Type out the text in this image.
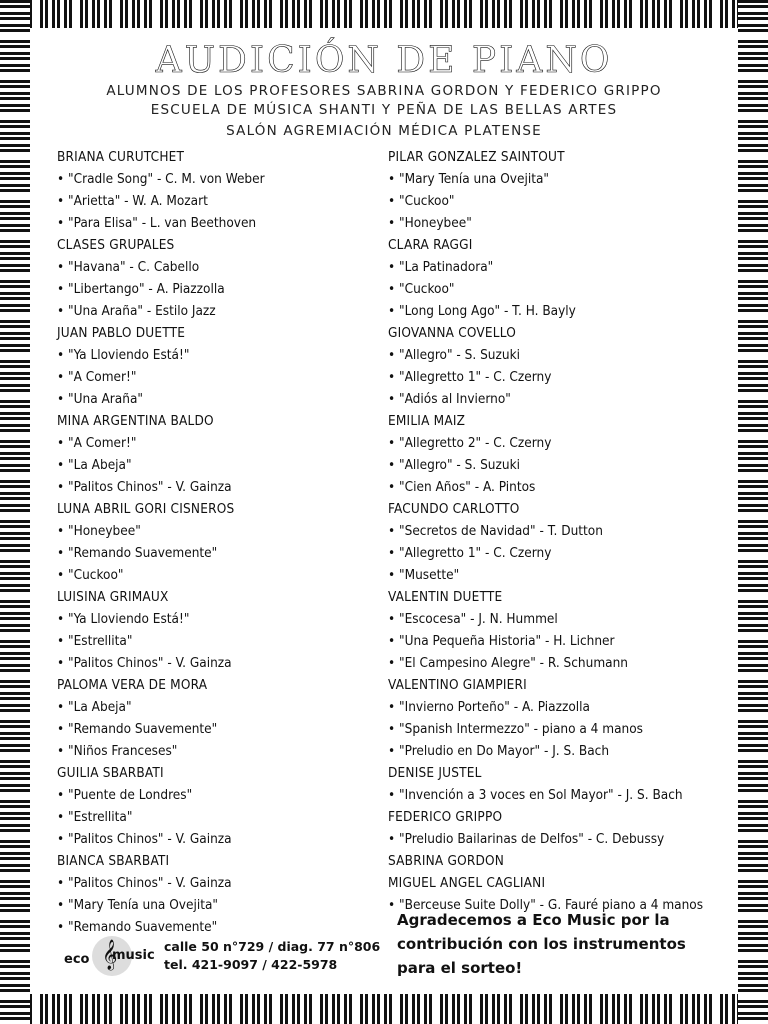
AUDICIÓN DE PIANO
ALUMNOS DE LOS PROFESORES SABRINA GORDON Y FEDERICO GRIPPO
ESCUELA DE MÚSICA SHANTI Y PEÑA DE LAS BELLAS ARTES
SALÓN AGREMIACIÓN MÉDICA PLATENSE
BRIANA CURUTCHET
• "Cradle Song" - C. M. von Weber
• "Arietta" - W. A. Mozart
• "Para Elisa" - L. van Beethoven
CLASES GRUPALES
• "Havana" - C. Cabello
• "Libertango" - A. Piazzolla
• "Una Araña" - Estilo Jazz
JUAN PABLO DUETTE
• "Ya Lloviendo Está!"
• "A Comer!"
• "Una Araña"
MINA ARGENTINA BALDO
• "A Comer!"
• "La Abeja"
• "Palitos Chinos" - V. Gainza
LUNA ABRIL GORI CISNEROS
• "Honeybee"
• "Remando Suavemente"
• "Cuckoo"
LUISINA GRIMAUX
• "Ya Lloviendo Está!"
• "Estrellita"
• "Palitos Chinos" - V. Gainza
PALOMA VERA DE MORA
• "La Abeja"
• "Remando Suavemente"
• "Niños Franceses"
GUILIA SBARBATI
• "Puente de Londres"
• "Estrellita"
• "Palitos Chinos" - V. Gainza
BIANCA SBARBATI
• "Palitos Chinos" - V. Gainza
• "Mary Tenía una Ovejita"
• "Remando Suavemente"
PILAR GONZALEZ SAINTOUT
• "Mary Tenía una Ovejita"
• "Cuckoo"
• "Honeybee"
CLARA RAGGI
• "La Patinadora"
• "Cuckoo"
• "Long Long Ago" - T. H. Bayly
GIOVANNA COVELLO
• "Allegro" - S. Suzuki
• "Allegretto 1" - C. Czerny
• "Adiós al Invierno"
EMILIA MAIZ
• "Allegretto 2" - C. Czerny
• "Allegro" - S. Suzuki
• "Cien Años" - A. Pintos
FACUNDO CARLOTTO
• "Secretos de Navidad" - T. Dutton
• "Allegretto 1" - C. Czerny
• "Musette"
VALENTIN DUETTE
• "Escocesa" - J. N. Hummel
• "Una Pequeña Historia" - H. Lichner
• "El Campesino Alegre" - R. Schumann
VALENTINO GIAMPIERI
• "Invierno Porteño" - A. Piazzolla
• "Spanish Intermezzo" - piano a 4 manos
• "Preludio en Do Mayor" - J. S. Bach
DENISE JUSTEL
• "Invención a 3 voces en Sol Mayor" - J. S. Bach
FEDERICO GRIPPO
• "Preludio Bailarinas de Delfos" - C. Debussy
SABRINA GORDON
MIGUEL ANGEL CAGLIANI
• "Berceuse Suite Dolly" - G. Fauré piano a 4 manos
Agradecemos a Eco Music por la contribución con los instrumentos para el sorteo!
𝄞
eco music
calle 50 n°729 / diag. 77 n°806
tel. 421-9097 / 422-5978
